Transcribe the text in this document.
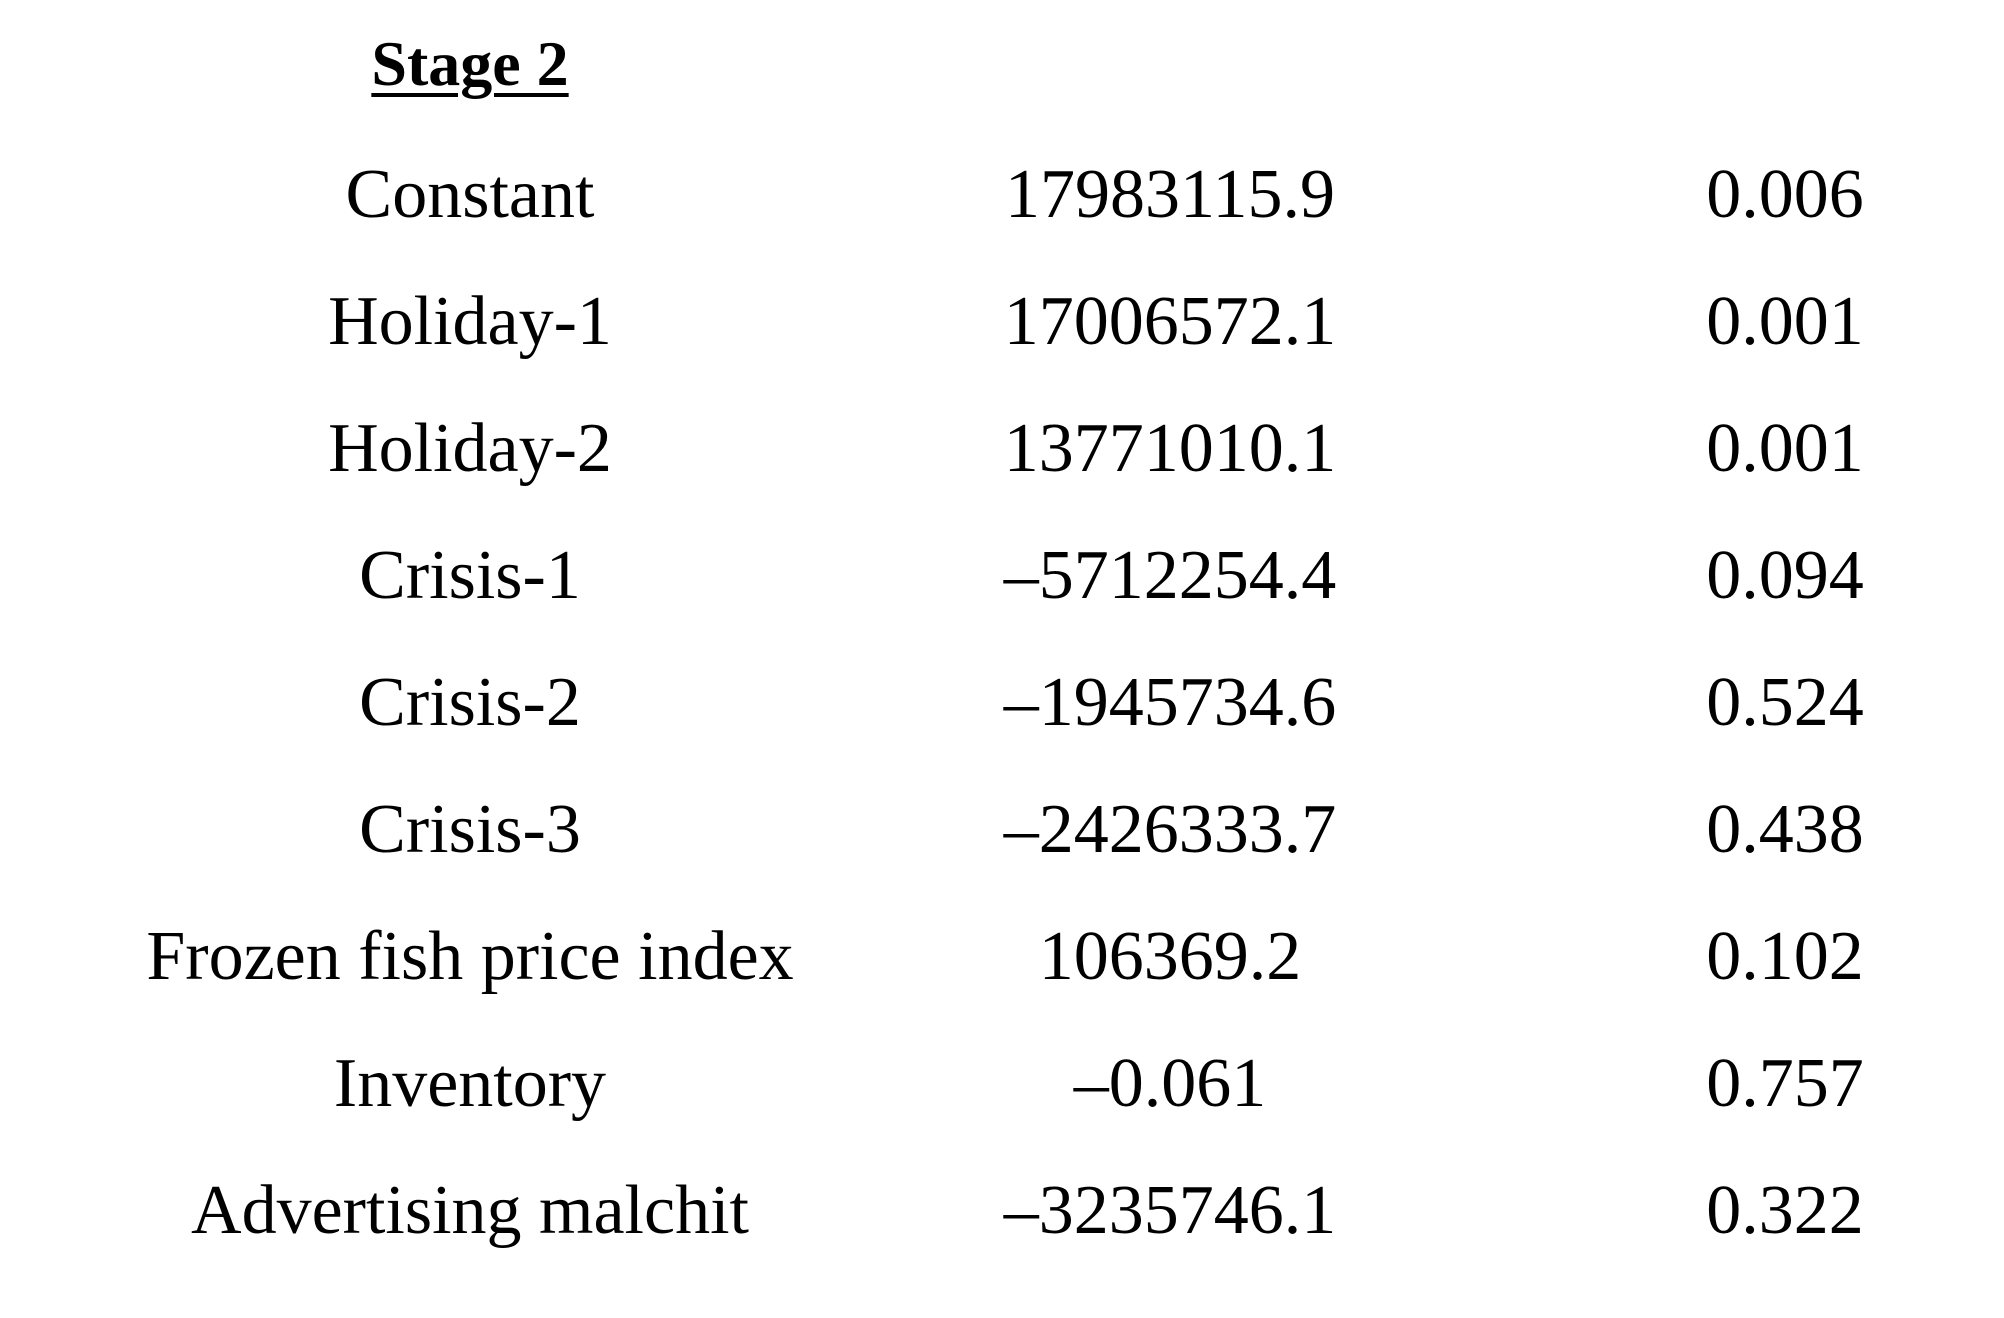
Stage 2
Constant	17983115.9	0.006
Holiday-1	17006572.1	0.001
Holiday-2	13771010.1	0.001
Crisis-1	–5712254.4	0.094
Crisis-2	–1945734.6	0.524
Crisis-3	–2426333.7	0.438
Frozen fish price index	106369.2	0.102
Inventory	–0.061	0.757
Advertising malchit	–3235746.1	0.322
